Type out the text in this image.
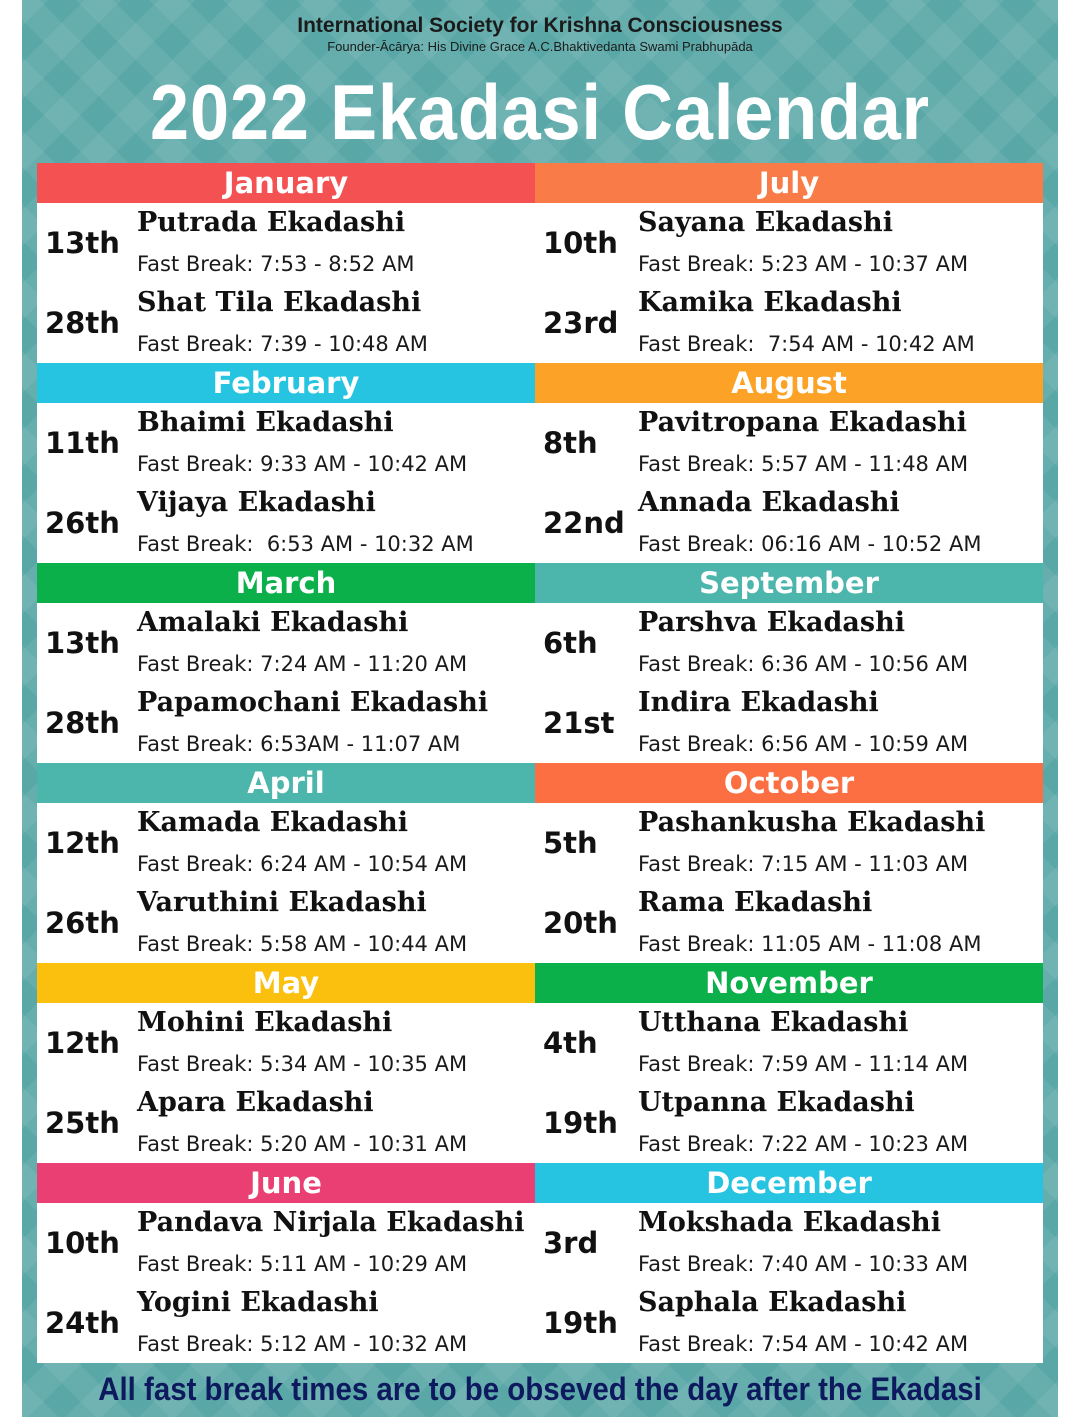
International Society for Krishna Consciousness
Founder-Ācārya: His Divine Grace A.C.Bhaktivedanta Swami Prabhupāda
2022 Ekadasi Calendar
January
13th
Putrada Ekadashi
Fast Break: 7:53 - 8:52 AM
28th
Shat Tila Ekadashi
Fast Break: 7:39 - 10:48 AM
February
11th
Bhaimi Ekadashi
Fast Break: 9:33 AM - 10:42 AM
26th
Vijaya Ekadashi
Fast Break:  6:53 AM - 10:32 AM
March
13th
Amalaki Ekadashi
Fast Break: 7:24 AM - 11:20 AM
28th
Papamochani Ekadashi
Fast Break: 6:53AM - 11:07 AM
April
12th
Kamada Ekadashi
Fast Break: 6:24 AM - 10:54 AM
26th
Varuthini Ekadashi
Fast Break: 5:58 AM - 10:44 AM
May
12th
Mohini Ekadashi
Fast Break: 5:34 AM - 10:35 AM
25th
Apara Ekadashi
Fast Break: 5:20 AM - 10:31 AM
June
10th
Pandava Nirjala Ekadashi
Fast Break: 5:11 AM - 10:29 AM
24th
Yogini Ekadashi
Fast Break: 5:12 AM - 10:32 AM
July
10th
Sayana Ekadashi
Fast Break: 5:23 AM - 10:37 AM
23rd
Kamika Ekadashi
Fast Break:  7:54 AM - 10:42 AM
August
8th
Pavitropana Ekadashi
Fast Break: 5:57 AM - 11:48 AM
22nd
Annada Ekadashi
Fast Break: 06:16 AM - 10:52 AM
September
6th
Parshva Ekadashi
Fast Break: 6:36 AM - 10:56 AM
21st
Indira Ekadashi
Fast Break: 6:56 AM - 10:59 AM
October
5th
Pashankusha Ekadashi
Fast Break: 7:15 AM - 11:03 AM
20th
Rama Ekadashi
Fast Break: 11:05 AM - 11:08 AM
November
4th
Utthana Ekadashi
Fast Break: 7:59 AM - 11:14 AM
19th
Utpanna Ekadashi
Fast Break: 7:22 AM - 10:23 AM
December
3rd
Mokshada Ekadashi
Fast Break: 7:40 AM - 10:33 AM
19th
Saphala Ekadashi
Fast Break: 7:54 AM - 10:42 AM
All fast break times are to be obseved the day after the Ekadasi
